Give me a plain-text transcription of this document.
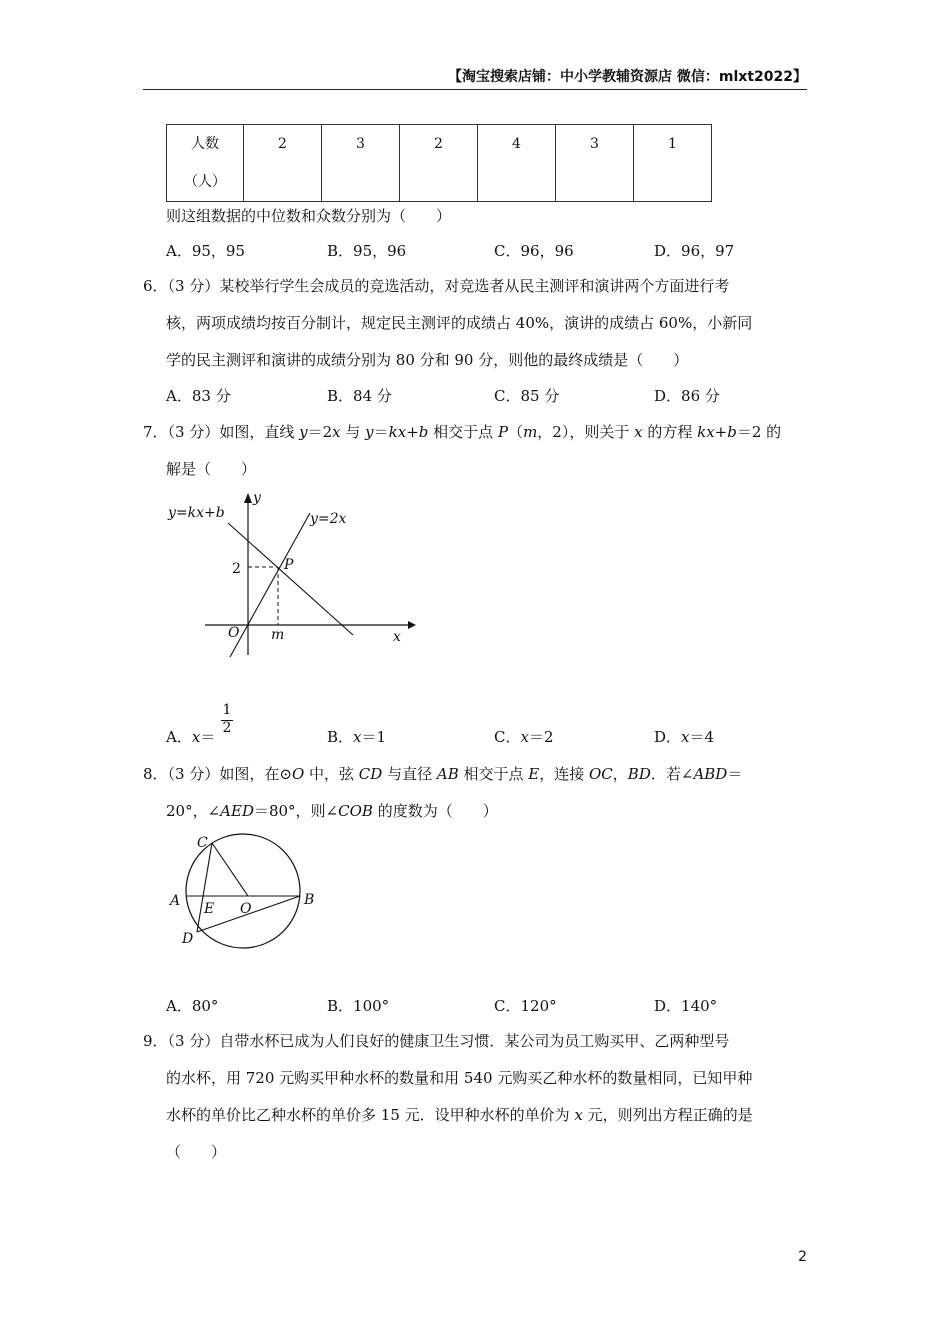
【淘宝搜索店铺：中小学教辅资源店 微信：mlxt2022】
人数
（人）
	2	3	2	4	3	1
则这组数据的中位数和众数分别为（　　）
A．95，95	B．95，96	C．96，96	D．96，97
6．（3 分）某校举行学生会成员的竞选活动，对竞选者从民主测评和演讲两个方面进行考
核，两项成绩均按百分制计，规定民主测评的成绩占 40%，演讲的成绩占 60%，小新同
学的民主测评和演讲的成绩分别为 80 分和 90 分，则他的最终成绩是（　　）
A．83 分	B．84 分	C．85 分	D．86 分
7．（3 分）如图，直线 y＝2x 与 y＝kx+b 相交于点 P（m，2），则关于 x 的方程 kx+b＝2 的
解是（　　）
y=kx+b	y=2x
y
x
O
P
2
m
A．x＝
1
2	B．x＝1	C．x＝2	D．x＝4
8．（3 分）如图，在⊙O 中，弦 CD 与直径 AB 相交于点 E，连接 OC，BD．若∠ABD＝
20°，∠AED＝80°，则∠COB 的度数为（　　）
C
A E O
B
D
A．80°	B．100°	C．120°	D．140°
9．（3 分）自带水杯已成为人们良好的健康卫生习惯．某公司为员工购买甲、乙两种型号
的水杯，用 720 元购买甲种水杯的数量和用 540 元购买乙种水杯的数量相同，已知甲种
水杯的单价比乙种水杯的单价多 15 元．设甲种水杯的单价为 x 元，则列出方程正确的是
（　　）
2
